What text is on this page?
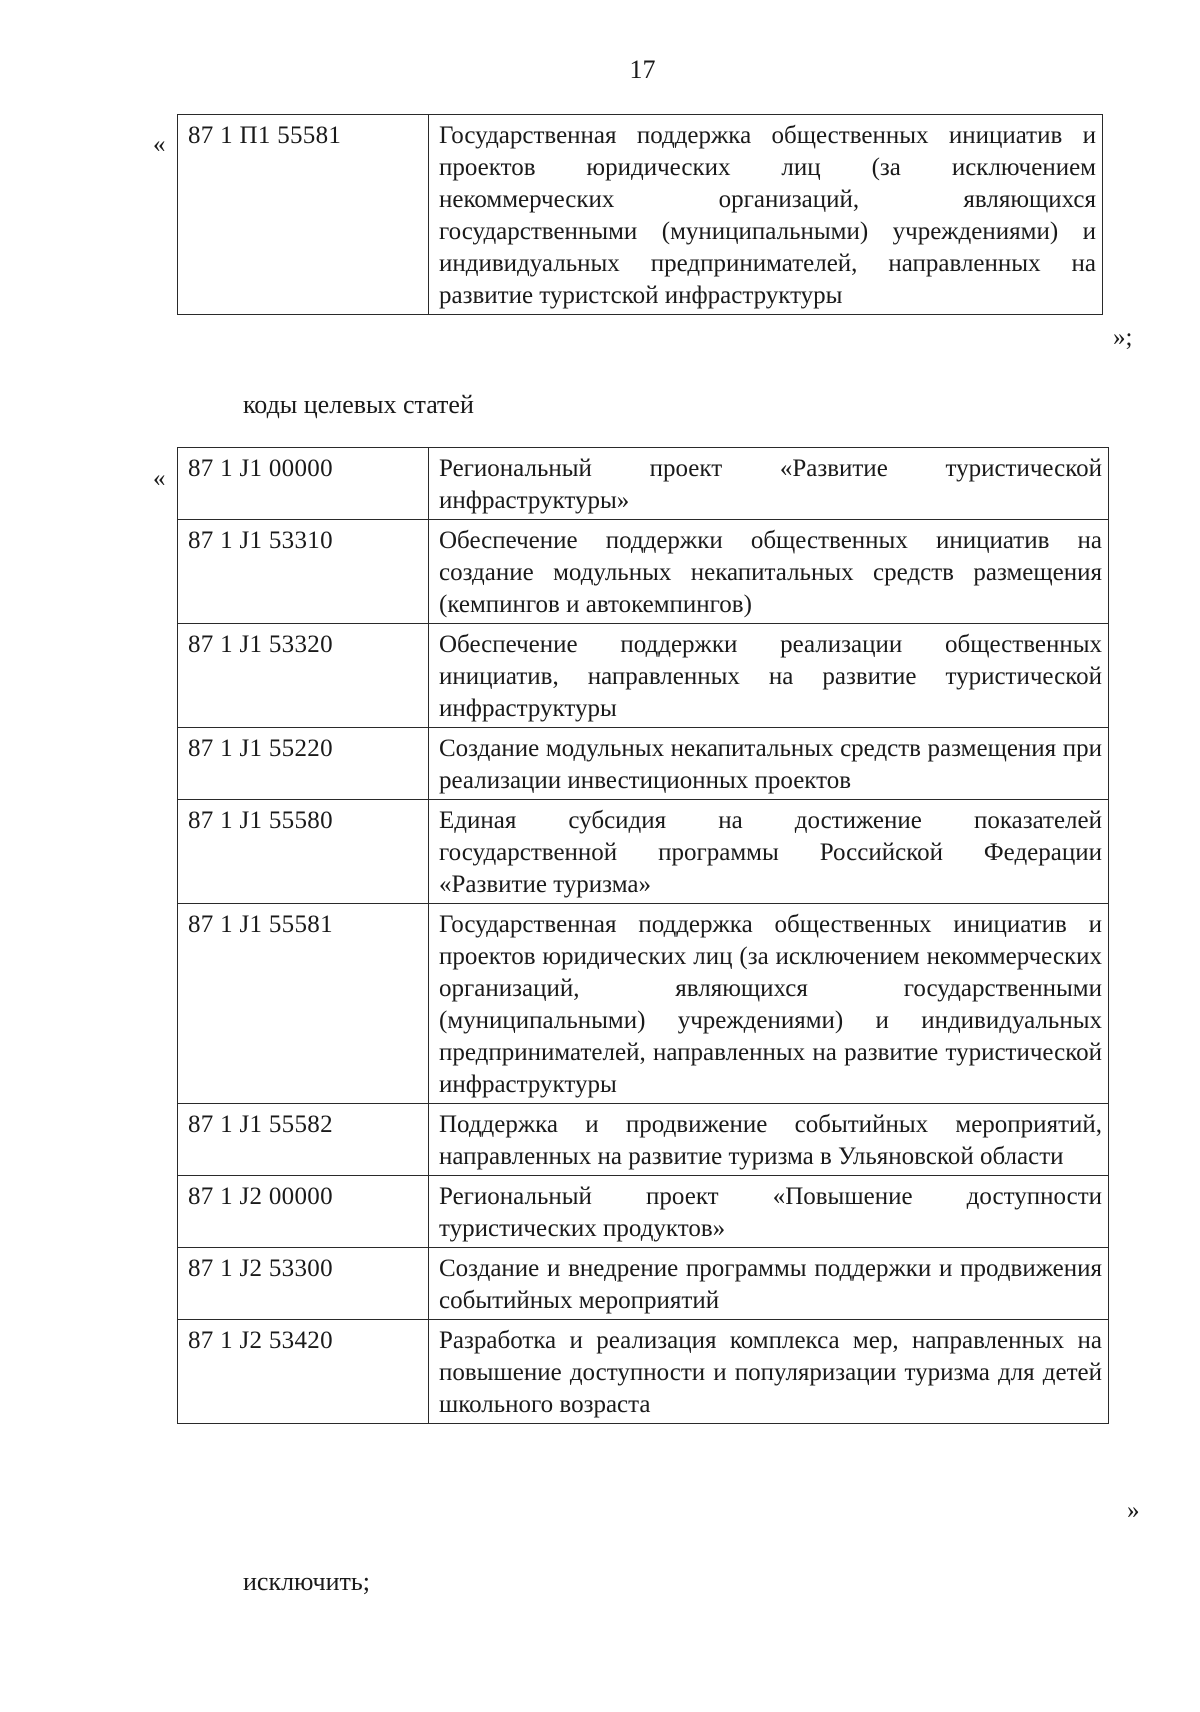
17
« 87 1 П1 55581	Государственная поддержка общественных инициатив и проектов юридических лиц (за исключением некоммерческих организаций, являющихся государственными (муниципальными) учреждениями) и индивидуальных предпринимателей, направленных на развитие туристской инфраструктуры
»;
коды целевых статей
« 87 1 J1 00000	Региональный проект «Развитие туристической инфраструктуры»
87 1 J1 53310	Обеспечение поддержки общественных инициатив на создание модульных некапитальных средств размещения (кемпингов и автокемпингов)
87 1 J1 53320	Обеспечение поддержки реализации общественных инициатив, направленных на развитие туристической инфраструктуры
87 1 J1 55220	Создание модульных некапитальных средств размещения при реализации инвестиционных проектов
87 1 J1 55580	Единая субсидия на достижение показателей государственной программы Российской Федерации «Развитие туризма»
87 1 J1 55581	Государственная поддержка общественных инициатив и проектов юридических лиц (за исключением некоммерческих организаций, являющихся государственными (муниципальными) учреждениями) и индивидуальных предпринимателей, направленных на развитие туристической инфраструктуры
87 1 J1 55582	Поддержка и продвижение событийных мероприятий, направленных на развитие туризма в Ульяновской области
87 1 J2 00000	Региональный проект «Повышение доступности туристических продуктов»
87 1 J2 53300	Создание и внедрение программы поддержки и продвижения событийных мероприятий
87 1 J2 53420	Разработка и реализация комплекса мер, направленных на повышение доступности и популяризации туризма для детей школьного возраста
»
исключить;
